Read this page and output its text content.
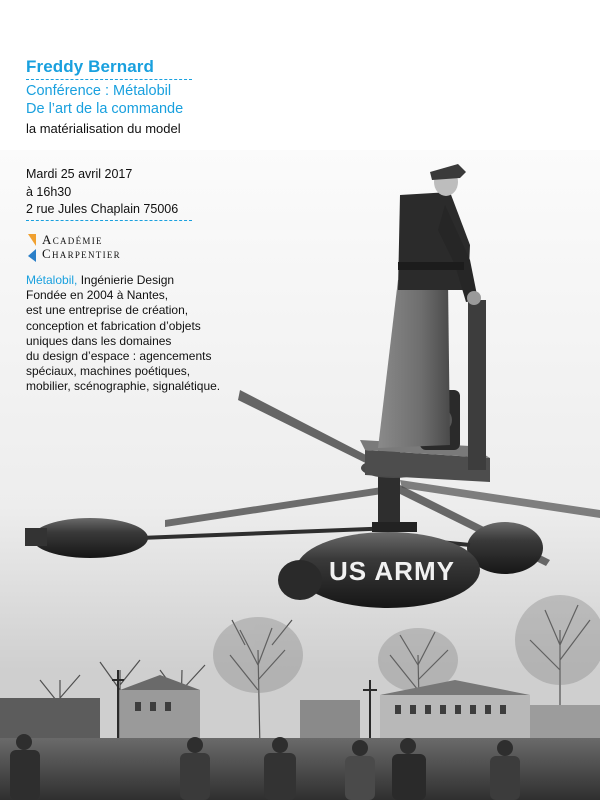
US ARMY
Freddy Bernard
Conférence : Métalobil
De l’art de la commande
la matérialisation du model
Mardi 25 avril 2017
à 16h30
2 rue Jules Chaplain 75006
Académie
Charpentier
Métalobil, Ingénierie Design
Fondée en 2004 à Nantes,
est une entreprise de création,
conception et fabrication d’objets
uniques dans les domaines
du design d’espace : agencements
spéciaux, machines poétiques,
mobilier, scénographie, signalétique.
